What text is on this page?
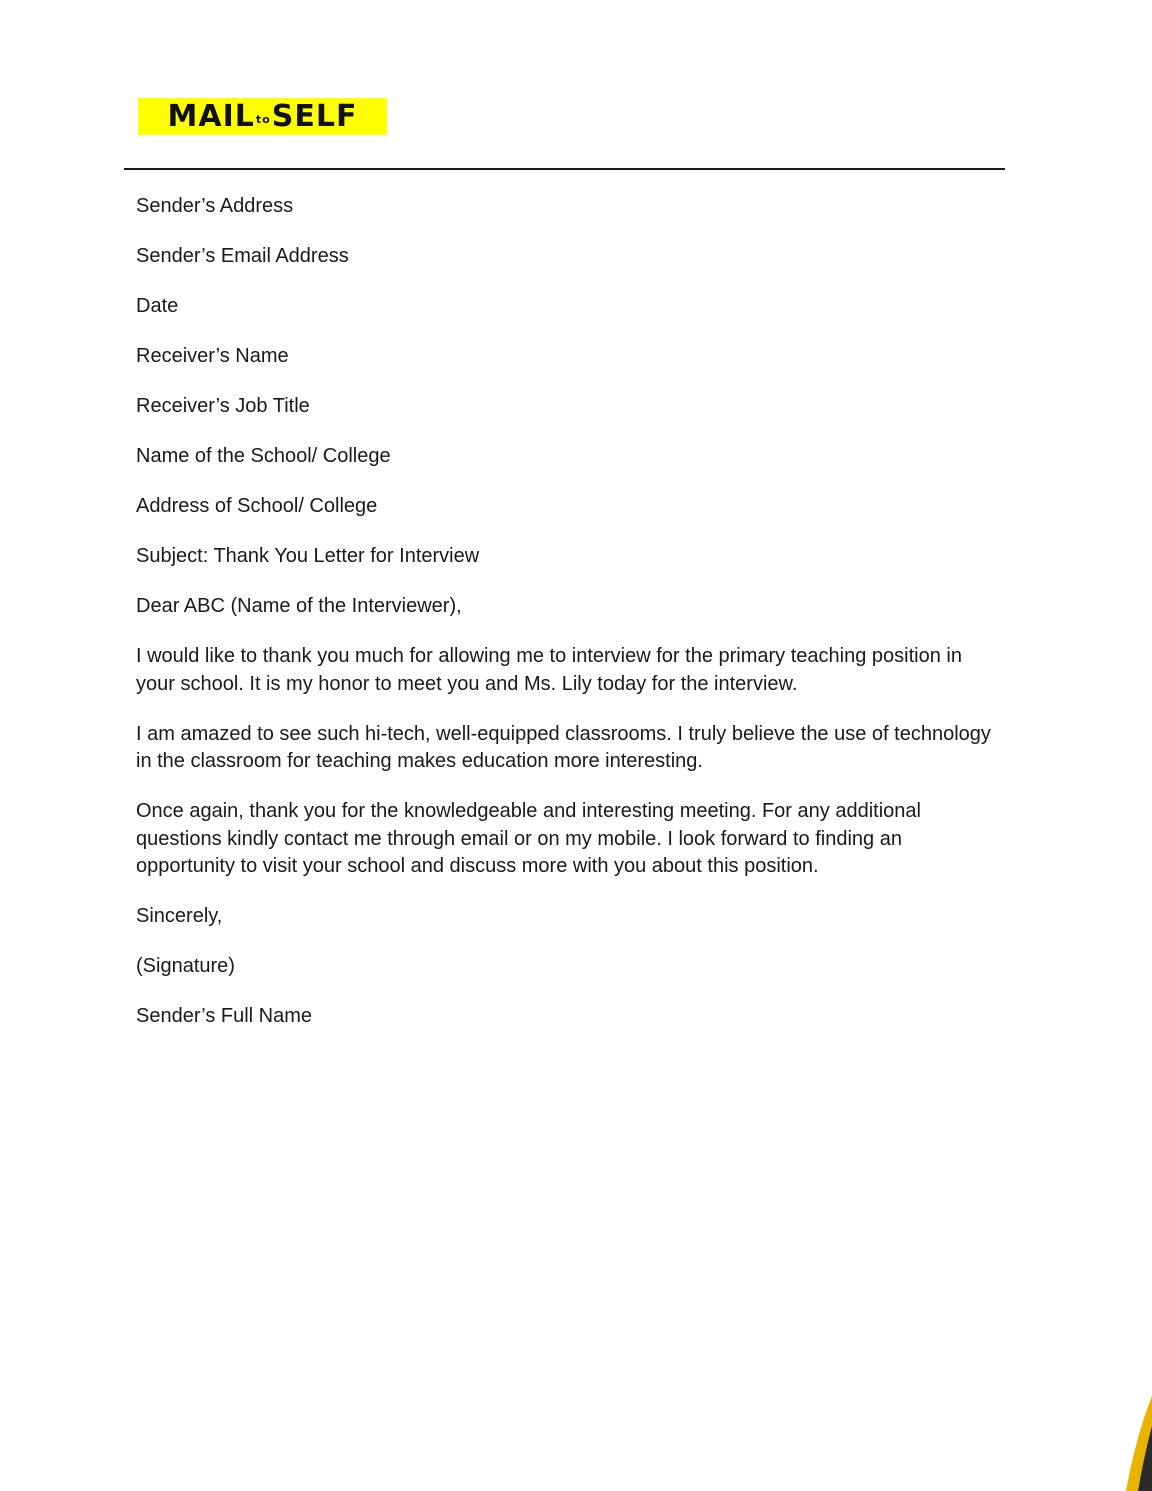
MAIL to SELF

Sender’s Address

Sender’s Email Address

Date

Receiver’s Name

Receiver’s Job Title

Name of the School/ College

Address of School/ College

Subject: Thank You Letter for Interview

Dear ABC (Name of the Interviewer),

I would like to thank you much for allowing me to interview for the primary teaching position in your school. It is my honor to meet you and Ms. Lily today for the interview.

I am amazed to see such hi-tech, well-equipped classrooms. I truly believe the use of technology in the classroom for teaching makes education more interesting.

Once again, thank you for the knowledgeable and interesting meeting. For any additional questions kindly contact me through email or on my mobile. I look forward to finding an opportunity to visit your school and discuss more with you about this position.

Sincerely,

(Signature)

Sender’s Full Name
